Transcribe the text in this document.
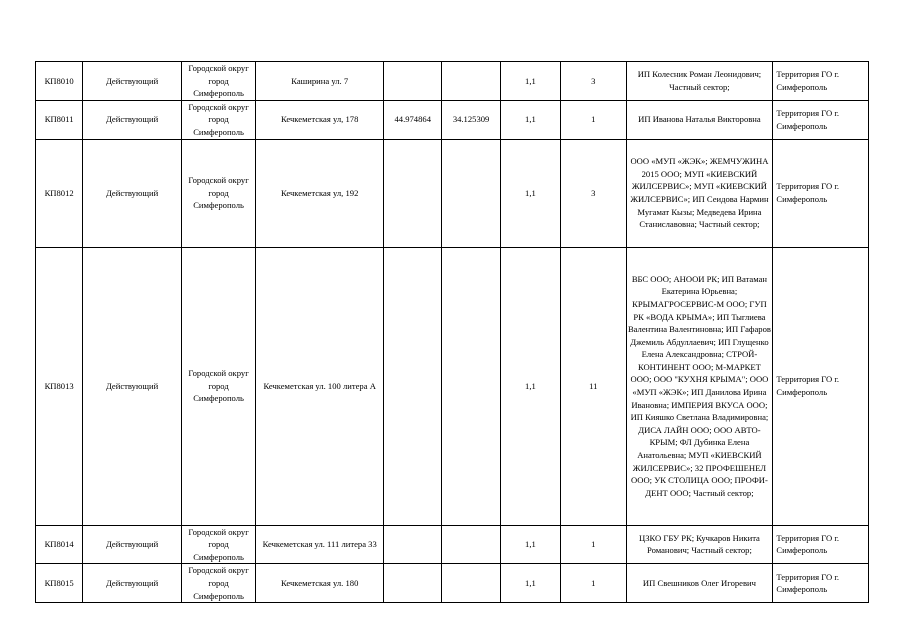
КП8010	Действующий	Городской округ город Симферополь	Каширина ул. 7			1,1	3	ИП Колесник Роман Леонидович; Частный сектор;	Территория ГО г. Симферополь
КП8011	Действующий	Городской округ город Симферополь	Кечкеметская ул, 178	44.974864	34.125309	1,1	1	ИП Иванова Наталья Викторовна	Территория ГО г. Симферополь
КП8012	Действующий	Городской округ город Симферополь	Кечкеметская ул, 192			1,1	3	ООО «МУП «ЖЭК»; ЖЕМЧУЖИНА 2015 ООО; МУП «КИЕВСКИЙ ЖИЛСЕРВИС»; МУП «КИЕВСКИЙ ЖИЛСЕРВИС»; ИП Сеидова Нармин Мугамат Кызы; Медведева Ирина Станиславовна; Частный сектор;	Территория ГО г. Симферополь
КП8013	Действующий	Городской округ город Симферополь	Кечкеметская ул. 100 литера А			1,1	11	ВБС ООО; АНООИ РК; ИП Ватаман Екатерина Юрьевна; КРЫМАГРОСЕРВИС-М ООО; ГУП РК «ВОДА КРЫМА»; ИП Тыглиева Валентина Валентиновна; ИП Гафаров Джемиль Абдуллаевич; ИП Глущенко Елена Александровна; СТРОЙ-КОНТИНЕНТ ООО; М-МАРКЕТ ООО; ООО "КУХНЯ КРЫМА"; ООО «МУП «ЖЭК»; ИП Данилова Ирина Ивановна; ИМПЕРИЯ ВКУСА ООО; ИП Кияшко Светлана Владимировна; ДИСА ЛАЙН ООО; ООО АВТО-КРЫМ; ФЛ Дубинка Елена Анатольевна; МУП «КИЕВСКИЙ ЖИЛСЕРВИС»; 32 ПРОФЕШЕНЕЛ ООО; УК СТОЛИЦА ООО; ПРОФИ-ДЕНТ ООО; Частный сектор;	Территория ГО г. Симферополь
КП8014	Действующий	Городской округ город Симферополь	Кечкеметская ул. 111 литера 33			1,1	1	ЦЗКО ГБУ РК; Кучкаров Никита Романович; Частный сектор;	Территория ГО г. Симферополь
КП8015	Действующий	Городской округ город Симферополь	Кечкеметская ул. 180			1,1	1	ИП Свешников Олег Игоревич	Территория ГО г. Симферополь
